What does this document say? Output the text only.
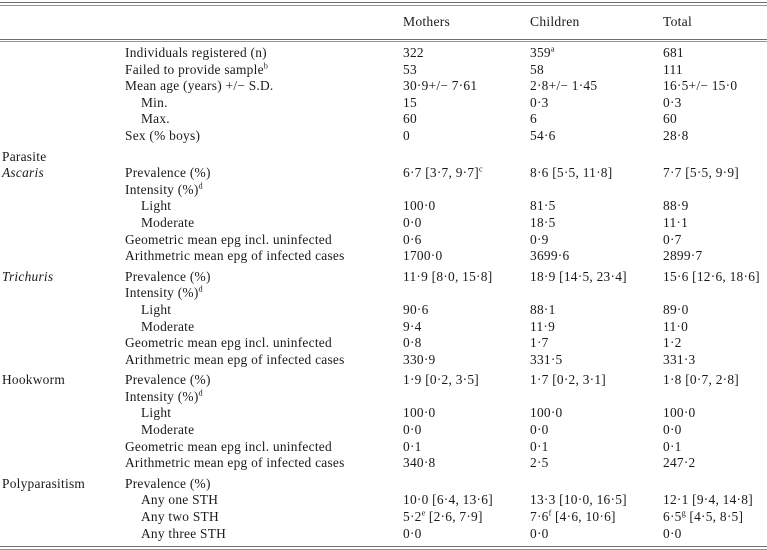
Mothers	Children	Total
Individuals registered (n)	322	359$^a$	681
Failed to provide sample$^b$	53	58	111
Mean age (years) +/− S.D.	30·9+/− 7·61	2·8+/− 1·45	16·5+/− 15·0
Min.	15	0·3	0·3
Max.	60	6	60
Sex (% boys)	0	54·6	28·8
Parasite
Ascaris	Prevalence (%)	6·7 [3·7, 9·7]$^c$	8·6 [5·5, 11·8]	7·7 [5·5, 9·9]
Intensity (%)$^d$
Light	100·0	81·5	88·9
Moderate	0·0	18·5	11·1
Geometric mean epg incl. uninfected	0·6	0·9	0·7
Arithmetric mean epg of infected cases	1700·0	3699·6	2899·7
Trichuris	Prevalence (%)	11·9 [8·0, 15·8]	18·9 [14·5, 23·4]	15·6 [12·6, 18·6]
Intensity (%)$^d$
Light	90·6	88·1	89·0
Moderate	9·4	11·9	11·0
Geometric mean epg incl. uninfected	0·8	1·7	1·2
Arithmetric mean epg of infected cases	330·9	331·5	331·3
Hookworm	Prevalence (%)	1·9 [0·2, 3·5]	1·7 [0·2, 3·1]	1·8 [0·7, 2·8]
Intensity (%)$^d$
Light	100·0	100·0	100·0
Moderate	0·0	0·0	0·0
Geometric mean epg incl. uninfected	0·1	0·1	0·1
Arithmetric mean epg of infected cases	340·8	2·5	247·2
Polyparasitism	Prevalence (%)
Any one STH	10·0 [6·4, 13·6]	13·3 [10·0, 16·5]	12·1 [9·4, 14·8]
Any two STH	$5\cdot 2^e$ [2·6, 7·9]	$7\cdot 6^f$ [4·6, 10·6]	$6\cdot 5^g$ [4·5, 8·5]
Any three STH	0·0	0·0	0·0
